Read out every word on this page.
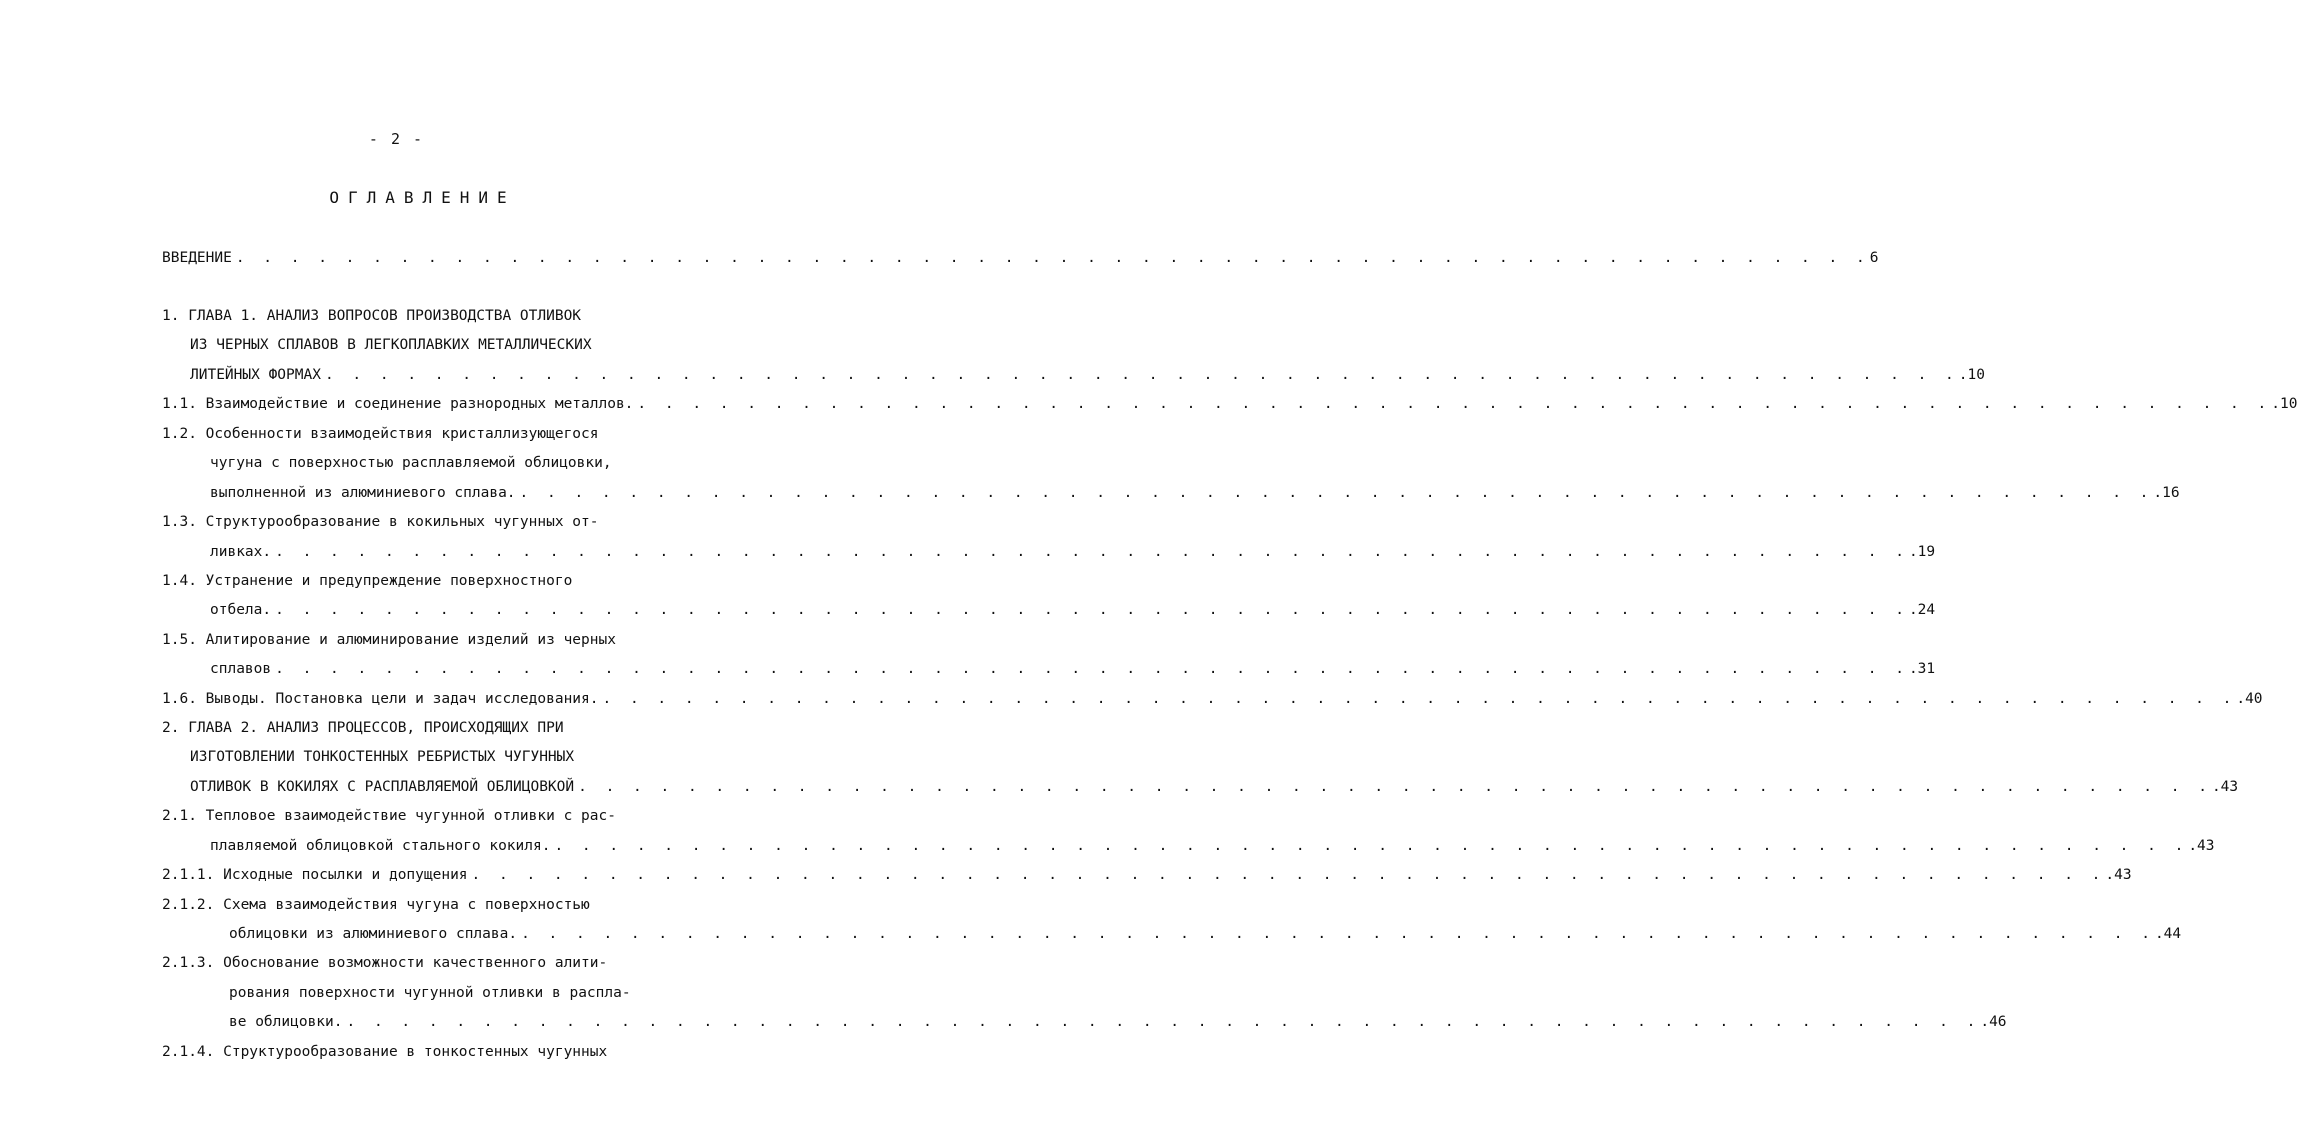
- 2 -
ОГЛАВЛЕНИЕ
ВВЕДЕНИЕ . . . . . . . . . . . . . . . . . . . . . . . . . . . . . . . . . . . . . . . . . . . . . . . . . . . . . . . . . . . . 6
1. ГЛАВА 1. АНАЛИЗ ВОПРОСОВ ПРОИЗВОДСТВА ОТЛИВОК
ИЗ ЧЕРНЫХ СПЛАВОВ В ЛЕГКОПЛАВКИХ МЕТАЛЛИЧЕСКИХ
ЛИТЕЙНЫХ ФОРМАХ . . . . . . . . . . . . . . . . . . . . . . . . . . . . . . . . . . . . . . . . . . . . . . . . . . . . . . . . . . . . .10
1.1. Взаимодействие и соединение разнородных металлов. . . . . . . . . . . . . . . . . . . . . . . . . . . . . . . . . . . . . . . . . . . . . . . . . . . . . . . . . . . . . .10
1.2. Особенности взаимодействия кристаллизующегося
чугуна с поверхностью расплавляемой облицовки,
выполненной из алюминиевого сплава. . . . . . . . . . . . . . . . . . . . . . . . . . . . . . . . . . . . . . . . . . . . . . . . . . . . . . . . . . . . . .16
1.3. Структурообразование в кокильных чугунных от-
ливках. . . . . . . . . . . . . . . . . . . . . . . . . . . . . . . . . . . . . . . . . . . . . . . . . . . . . . . . . . . . . .19
1.4. Устранение и предупреждение поверхностного
отбела. . . . . . . . . . . . . . . . . . . . . . . . . . . . . . . . . . . . . . . . . . . . . . . . . . . . . . . . . . . . . .24
1.5. Алитирование и алюминирование изделий из черных
сплавов . . . . . . . . . . . . . . . . . . . . . . . . . . . . . . . . . . . . . . . . . . . . . . . . . . . . . . . . . . . . .31
1.6. Выводы. Постановка цели и задач исследования. . . . . . . . . . . . . . . . . . . . . . . . . . . . . . . . . . . . . . . . . . . . . . . . . . . . . . . . . . . . . .40
2. ГЛАВА 2. АНАЛИЗ ПРОЦЕССОВ, ПРОИСХОДЯЩИХ ПРИ
ИЗГОТОВЛЕНИИ ТОНКОСТЕННЫХ РЕБРИСТЫХ ЧУГУННЫХ
ОТЛИВОК В КОКИЛЯХ С РАСПЛАВЛЯЕМОЙ ОБЛИЦОВКОЙ . . . . . . . . . . . . . . . . . . . . . . . . . . . . . . . . . . . . . . . . . . . . . . . . . . . . . . . . . . . . .43
2.1. Тепловое взаимодействие чугунной отливки с рас-
плавляемой облицовкой стального кокиля. . . . . . . . . . . . . . . . . . . . . . . . . . . . . . . . . . . . . . . . . . . . . . . . . . . . . . . . . . . . . .43
2.1.1. Исходные посылки и допущения . . . . . . . . . . . . . . . . . . . . . . . . . . . . . . . . . . . . . . . . . . . . . . . . . . . . . . . . . . . . .43
2.1.2. Схема взаимодействия чугуна с поверхностью
облицовки из алюминиевого сплава. . . . . . . . . . . . . . . . . . . . . . . . . . . . . . . . . . . . . . . . . . . . . . . . . . . . . . . . . . . . . .44
2.1.3. Обоснование возможности качественного алити-
рования поверхности чугунной отливки в распла-
ве облицовки. . . . . . . . . . . . . . . . . . . . . . . . . . . . . . . . . . . . . . . . . . . . . . . . . . . . . . . . . . . . . .46
2.1.4. Структурообразование в тонкостенных чугунных
